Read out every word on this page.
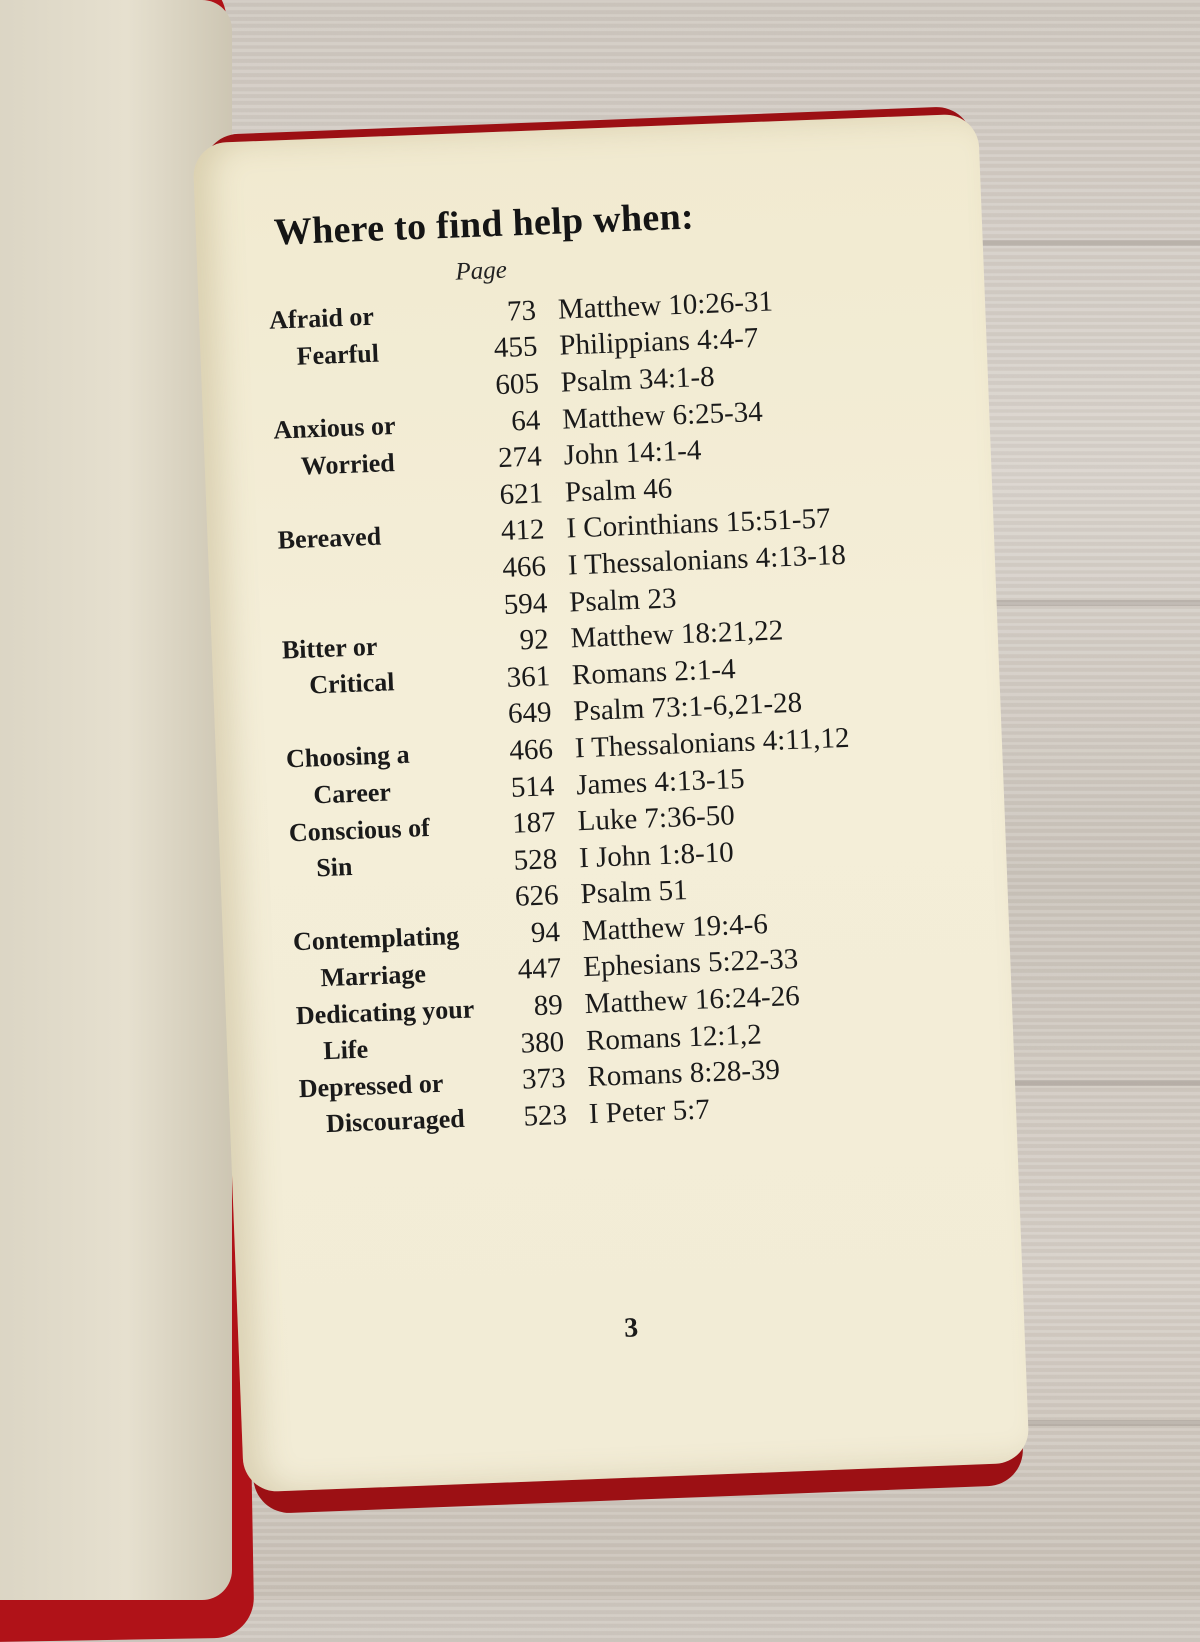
Where to find help when:
Page
Afraid or	73 Matthew 10:26-31
Fearful	455 Philippians 4:4-7
605 Psalm 34:1-8
Anxious or	64 Matthew 6:25-34
Worried	274 John 14:1-4
621 Psalm 46
Bereaved	412 I Corinthians 15:51-57
466 I Thessalonians 4:13-18
594 Psalm 23
Bitter or	92 Matthew 18:21,22
Critical	361 Romans 2:1-4
649 Psalm 73:1-6,21-28
Choosing a	466 I Thessalonians 4:11,12
Career	514 James 4:13-15
Conscious of	187 Luke 7:36-50
Sin	528 I John 1:8-10
626 Psalm 51
Contemplating	94 Matthew 19:4-6
Marriage	447 Ephesians 5:22-33
Dedicating your	89 Matthew 16:24-26
Life	380 Romans 12:1,2
Depressed or	373 Romans 8:28-39
Discouraged	523 I Peter 5:7
3
